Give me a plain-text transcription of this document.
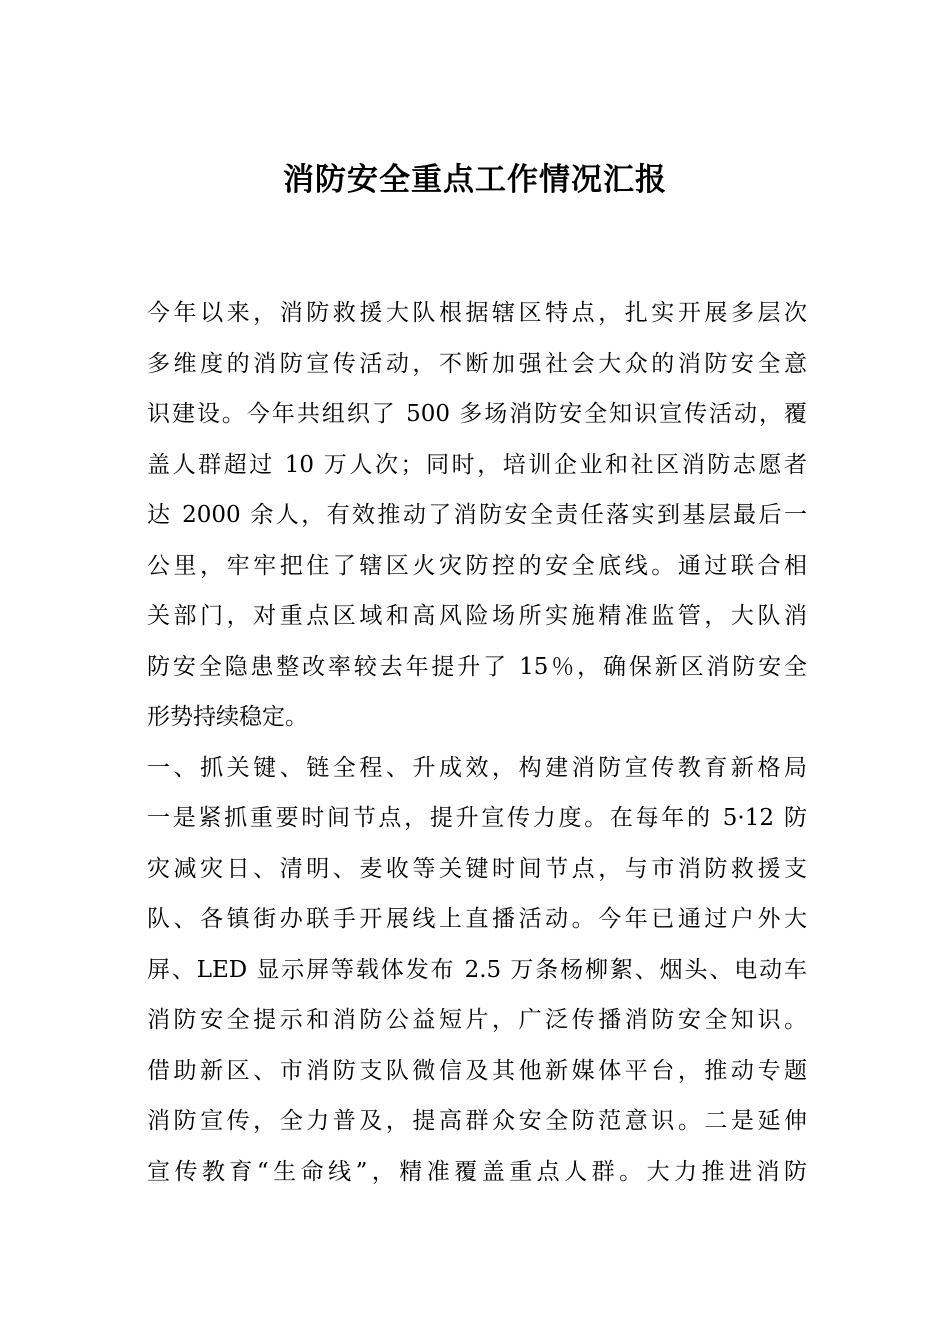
消防安全重点工作情况汇报
今年以来，消防救援大队根据辖区特点，扎实开展多层次
多维度的消防宣传活动，不断加强社会大众的消防安全意
识建设。今年共组织了 500 多场消防安全知识宣传活动，覆
盖人群超过 10 万人次；同时，培训企业和社区消防志愿者
达 2000 余人，有效推动了消防安全责任落实到基层最后一
公里，牢牢把住了辖区火灾防控的安全底线。通过联合相
关部门，对重点区域和高风险场所实施精准监管，大队消
防安全隐患整改率较去年提升了 15％，确保新区消防安全
形势持续稳定。
一、抓关键、链全程、升成效，构建消防宣传教育新格局
一是紧抓重要时间节点，提升宣传力度。在每年的 5·12 防
灾减灾日、清明、麦收等关键时间节点，与市消防救援支
队、各镇街办联手开展线上直播活动。今年已通过户外大
屏、LED 显示屏等载体发布 2.5 万条杨柳絮、烟头、电动车
消防安全提示和消防公益短片，广泛传播消防安全知识。
借助新区、市消防支队微信及其他新媒体平台，推动专题
消防宣传，全力普及，提高群众安全防范意识。二是延伸
宣传教育“生命线”，精准覆盖重点人群。大力推进消防
